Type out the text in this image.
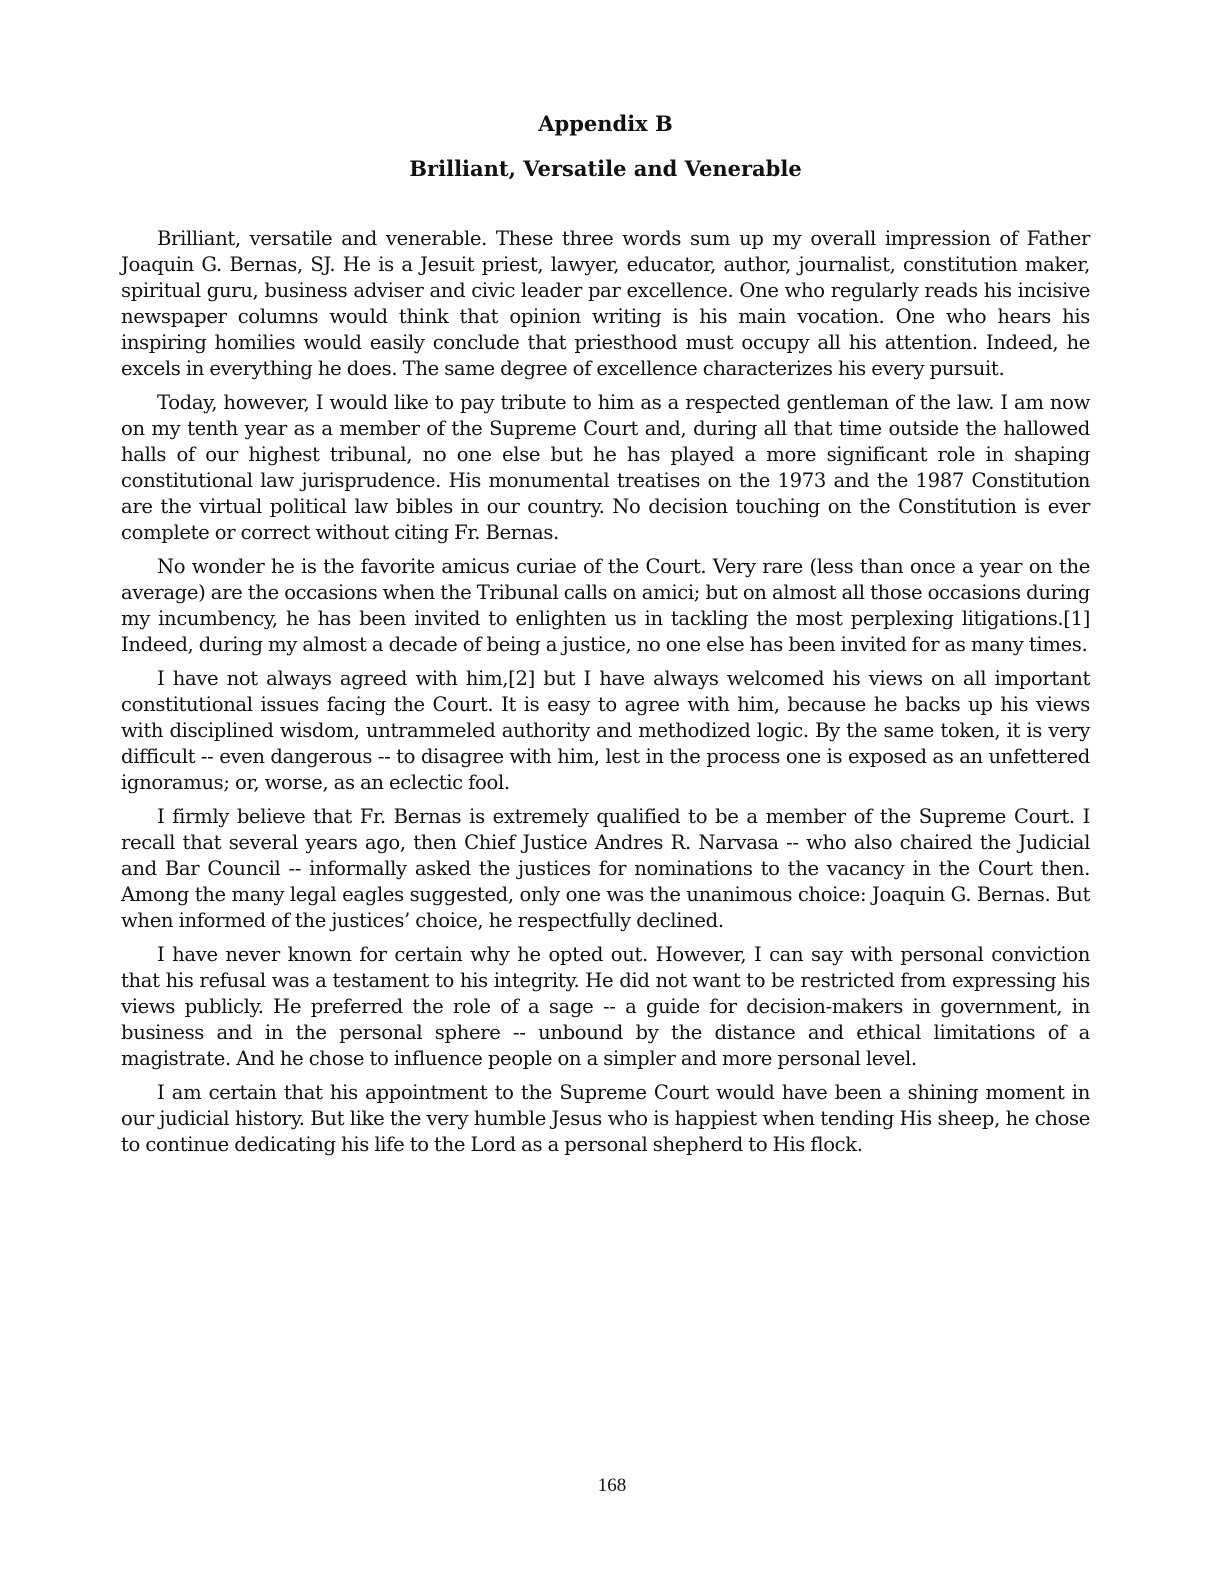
Appendix B
Brilliant, Versatile and Venerable

Brilliant, versatile and venerable. These three words sum up my overall impression of Father Joaquin G. Bernas, SJ. He is a Jesuit priest, lawyer, educator, author, journalist, constitution maker, spiritual guru, business adviser and civic leader par excellence. One who regularly reads his incisive newspaper columns would think that opinion writing is his main vocation. One who hears his inspiring homilies would easily conclude that priesthood must occupy all his attention. Indeed, he excels in everything he does. The same degree of excellence characterizes his every pursuit.

Today, however, I would like to pay tribute to him as a respected gentleman of the law. I am now on my tenth year as a member of the Supreme Court and, during all that time outside the hallowed halls of our highest tribunal, no one else but he has played a more significant role in shaping constitutional law jurisprudence. His monumental treatises on the 1973 and the 1987 Constitution are the virtual political law bibles in our country. No decision touching on the Constitution is ever complete or correct without citing Fr. Bernas.

No wonder he is the favorite amicus curiae of the Court. Very rare (less than once a year on the average) are the occasions when the Tribunal calls on amici; but on almost all those occasions during my incumbency, he has been invited to enlighten us in tackling the most perplexing litigations.[1] Indeed, during my almost a decade of being a justice, no one else has been invited for as many times.

I have not always agreed with him,[2] but I have always welcomed his views on all important constitutional issues facing the Court. It is easy to agree with him, because he backs up his views with disciplined wisdom, untrammeled authority and methodized logic. By the same token, it is very difficult -- even dangerous -- to disagree with him, lest in the process one is exposed as an unfettered ignoramus; or, worse, as an eclectic fool.

I firmly believe that Fr. Bernas is extremely qualified to be a member of the Supreme Court. I recall that several years ago, then Chief Justice Andres R. Narvasa -- who also chaired the Judicial and Bar Council -- informally asked the justices for nominations to the vacancy in the Court then. Among the many legal eagles suggested, only one was the unanimous choice: Joaquin G. Bernas. But when informed of the justices’ choice, he respectfully declined.

I have never known for certain why he opted out. However, I can say with personal conviction that his refusal was a testament to his integrity. He did not want to be restricted from expressing his views publicly. He preferred the role of a sage -- a guide for decision-makers in government, in business and in the personal sphere -- unbound by the distance and ethical limitations of a magistrate. And he chose to influence people on a simpler and more personal level.

I am certain that his appointment to the Supreme Court would have been a shining moment in our judicial history. But like the very humble Jesus who is happiest when tending His sheep, he chose to continue dedicating his life to the Lord as a personal shepherd to His flock.

168
